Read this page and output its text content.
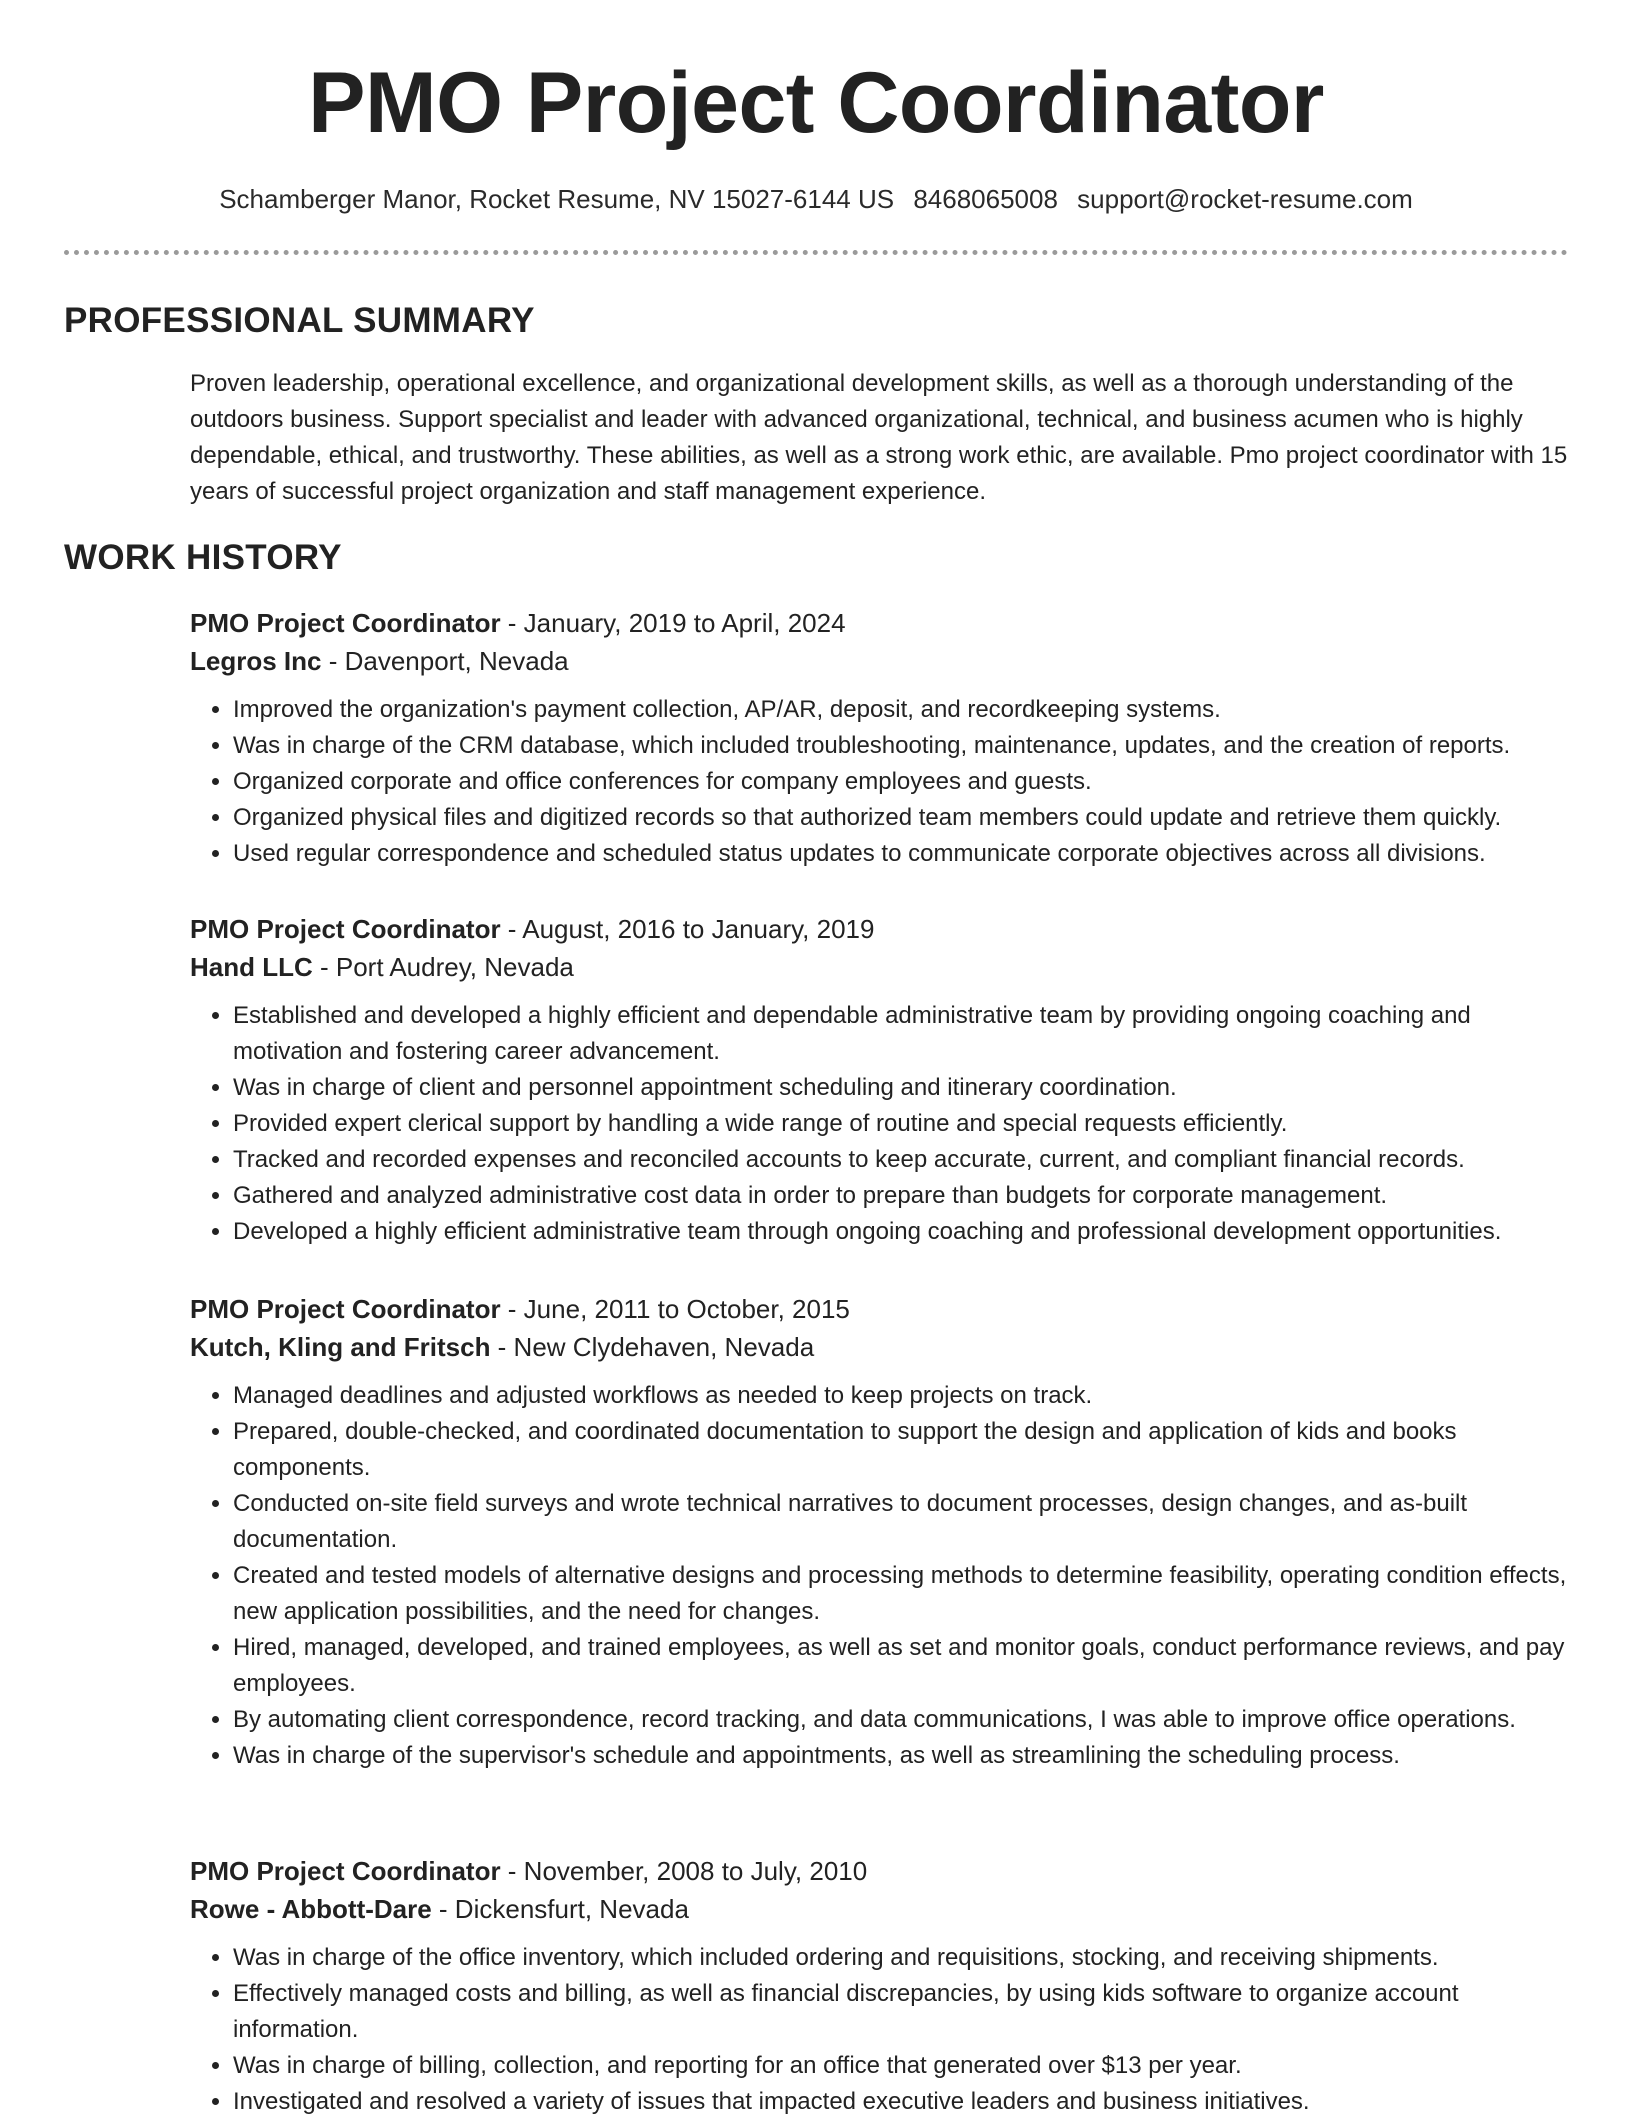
PMO Project Coordinator
Schamberger Manor, Rocket Resume, NV 15027-6144 US 8468065008 support@rocket-resume.com
PROFESSIONAL SUMMARY
Proven leadership, operational excellence, and organizational development skills, as well as a thorough understanding of the outdoors business. Support specialist and leader with advanced organizational, technical, and business acumen who is highly dependable, ethical, and trustworthy. These abilities, as well as a strong work ethic, are available. Pmo project coordinator with 15 years of successful project organization and staff management experience.
WORK HISTORY
PMO Project Coordinator - January, 2019 to April, 2024
Legros Inc - Davenport, Nevada
• Improved the organization's payment collection, AP/AR, deposit, and recordkeeping systems.
• Was in charge of the CRM database, which included troubleshooting, maintenance, updates, and the creation of reports.
• Organized corporate and office conferences for company employees and guests.
• Organized physical files and digitized records so that authorized team members could update and retrieve them quickly.
• Used regular correspondence and scheduled status updates to communicate corporate objectives across all divisions.
PMO Project Coordinator - August, 2016 to January, 2019
Hand LLC - Port Audrey, Nevada
• Established and developed a highly efficient and dependable administrative team by providing ongoing coaching and motivation and fostering career advancement.
• Was in charge of client and personnel appointment scheduling and itinerary coordination.
• Provided expert clerical support by handling a wide range of routine and special requests efficiently.
• Tracked and recorded expenses and reconciled accounts to keep accurate, current, and compliant financial records.
• Gathered and analyzed administrative cost data in order to prepare than budgets for corporate management.
• Developed a highly efficient administrative team through ongoing coaching and professional development opportunities.
PMO Project Coordinator - June, 2011 to October, 2015
Kutch, Kling and Fritsch - New Clydehaven, Nevada
• Managed deadlines and adjusted workflows as needed to keep projects on track.
• Prepared, double-checked, and coordinated documentation to support the design and application of kids and books components.
• Conducted on-site field surveys and wrote technical narratives to document processes, design changes, and as-built documentation.
• Created and tested models of alternative designs and processing methods to determine feasibility, operating condition effects, new application possibilities, and the need for changes.
• Hired, managed, developed, and trained employees, as well as set and monitor goals, conduct performance reviews, and pay employees.
• By automating client correspondence, record tracking, and data communications, I was able to improve office operations.
• Was in charge of the supervisor's schedule and appointments, as well as streamlining the scheduling process.
PMO Project Coordinator - November, 2008 to July, 2010
Rowe - Abbott-Dare - Dickensfurt, Nevada
• Was in charge of the office inventory, which included ordering and requisitions, stocking, and receiving shipments.
• Effectively managed costs and billing, as well as financial discrepancies, by using kids software to organize account information.
• Was in charge of billing, collection, and reporting for an office that generated over $13 per year.
• Investigated and resolved a variety of issues that impacted executive leaders and business initiatives.
